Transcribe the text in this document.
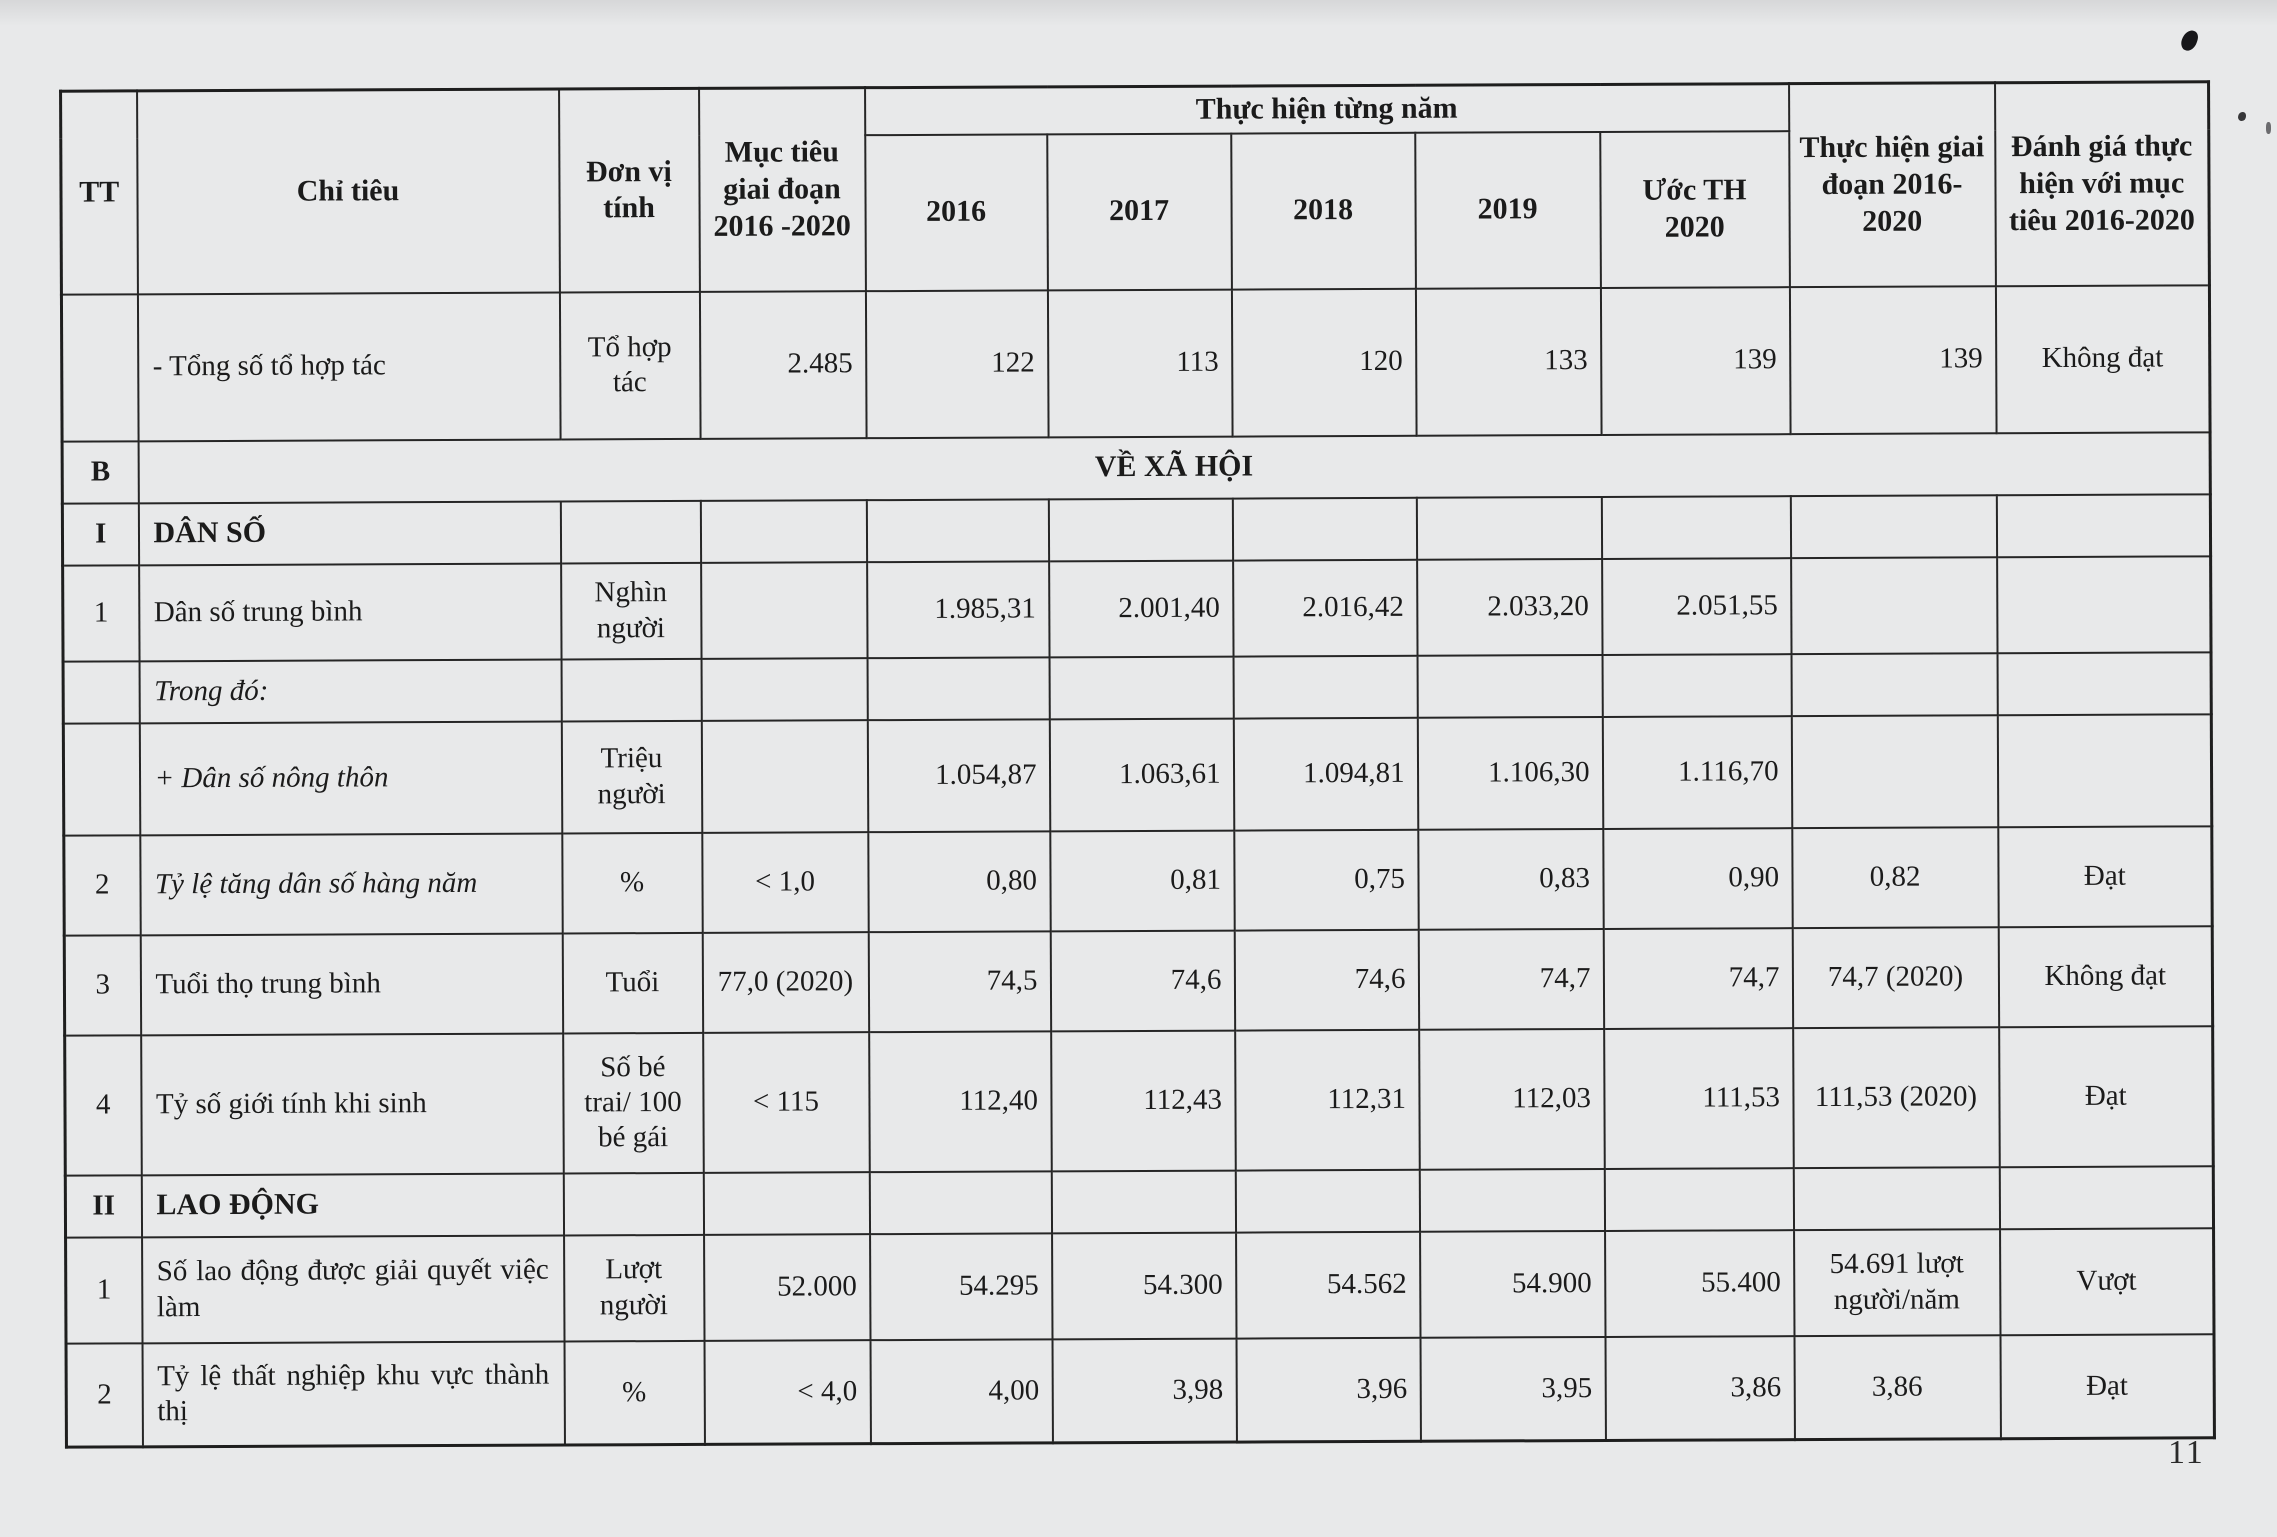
TT	Chỉ tiêu	Đơn vị tính	Mục tiêu giai đoạn 2016 -2020	Thực hiện từng năm					Thực hiện giai đoạn 2016- 2020	Đánh giá thực hiện với mục tiêu 2016-2020
				2016	2017	2018	2019	Ước TH 2020		
	- Tổng số tổ hợp tác	Tổ hợp tác	2.485	122	113	120	133	139	139	Không đạt
B	VỀ XÃ HỘI									
I	DÂN SỐ									
1	Dân số trung bình	Nghìn người		1.985,31	2.001,40	2.016,42	2.033,20	2.051,55		
	Trong đó:									
	+ Dân số nông thôn	Triệu người		1.054,87	1.063,61	1.094,81	1.106,30	1.116,70		
2	Tỷ lệ tăng dân số hàng năm	%	< 1,0	0,80	0,81	0,75	0,83	0,90	0,82	Đạt
3	Tuổi thọ trung bình	Tuổi	77,0 (2020)	74,5	74,6	74,6	74,7	74,7	74,7 (2020)	Không đạt
4	Tỷ số giới tính khi sinh	Số bé trai/ 100 bé gái	< 115	112,40	112,43	112,31	112,03	111,53	111,53 (2020)	Đạt
II	LAO ĐỘNG									
1	Số lao động được giải quyết việc làm	Lượt người	52.000	54.295	54.300	54.562	54.900	55.400	54.691 lượt người/năm	Vượt
2	Tỷ lệ thất nghiệp khu vực thành thị	%	< 4,0	4,00	3,98	3,96	3,95	3,86	3,86	Đạt
11
